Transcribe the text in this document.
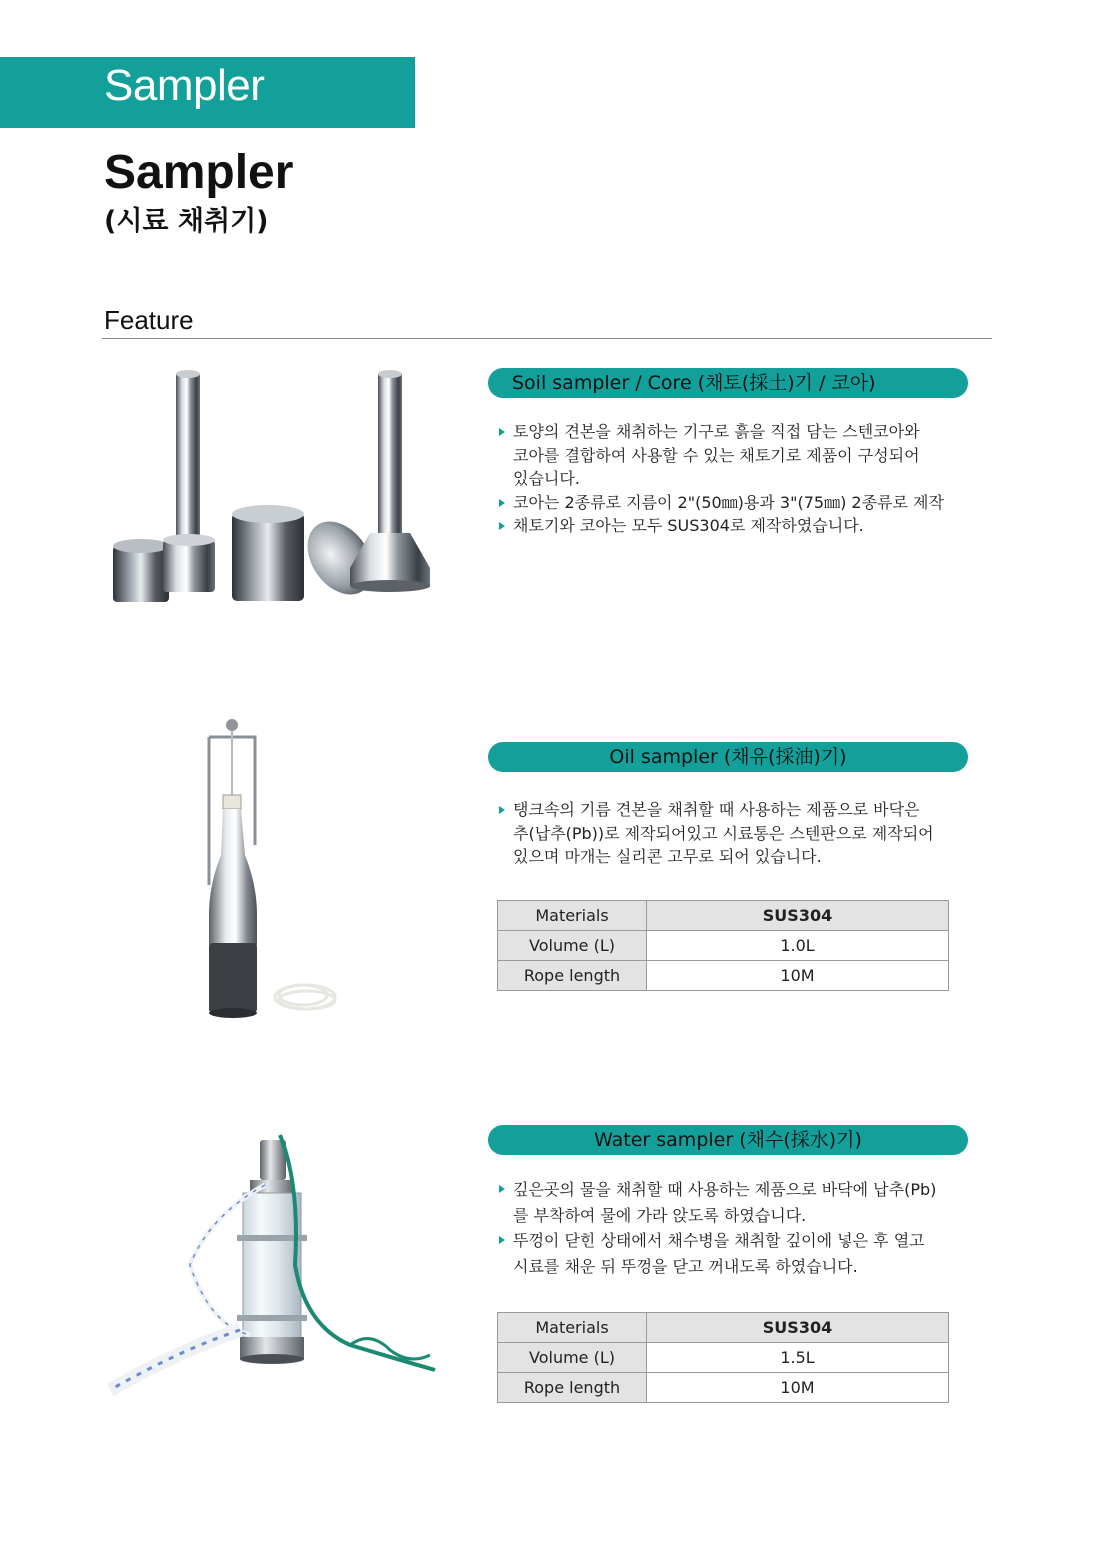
Sampler
Sampler
(시료 채취기)
Feature
Soil sampler / Core (채토(採土)기 / 코아)
토양의 견본을 채취하는 기구로 흙을 직접 담는 스텐코아와
코아를 결합하여 사용할 수 있는 채토기로 제품이 구성되어
있습니다.
코아는 2종류로 지름이 2"(50㎜)용과 3"(75㎜) 2종류로 제작
채토기와 코아는 모두 SUS304로 제작하였습니다.
Oil sampler (채유(採油)기)
탱크속의 기름 견본을 채취할 때 사용하는 제품으로 바닥은
추(납추(Pb))로 제작되어있고 시료통은 스텐판으로 제작되어
있으며 마개는 실리콘 고무로 되어 있습니다.
Materials	SUS304
Volume (L)	1.0L
Rope length	10M
Water sampler (채수(採水)기)
깊은곳의 물을 채취할 때 사용하는 제품으로 바닥에 납추(Pb)
를 부착하여 물에 가라 앉도록 하였습니다.
뚜껑이 닫힌 상태에서 채수병을 채취할 깊이에 넣은 후 열고
시료를 채운 뒤 뚜껑을 닫고 꺼내도록 하였습니다.
Materials	SUS304
Volume (L)	1.5L
Rope length	10M
